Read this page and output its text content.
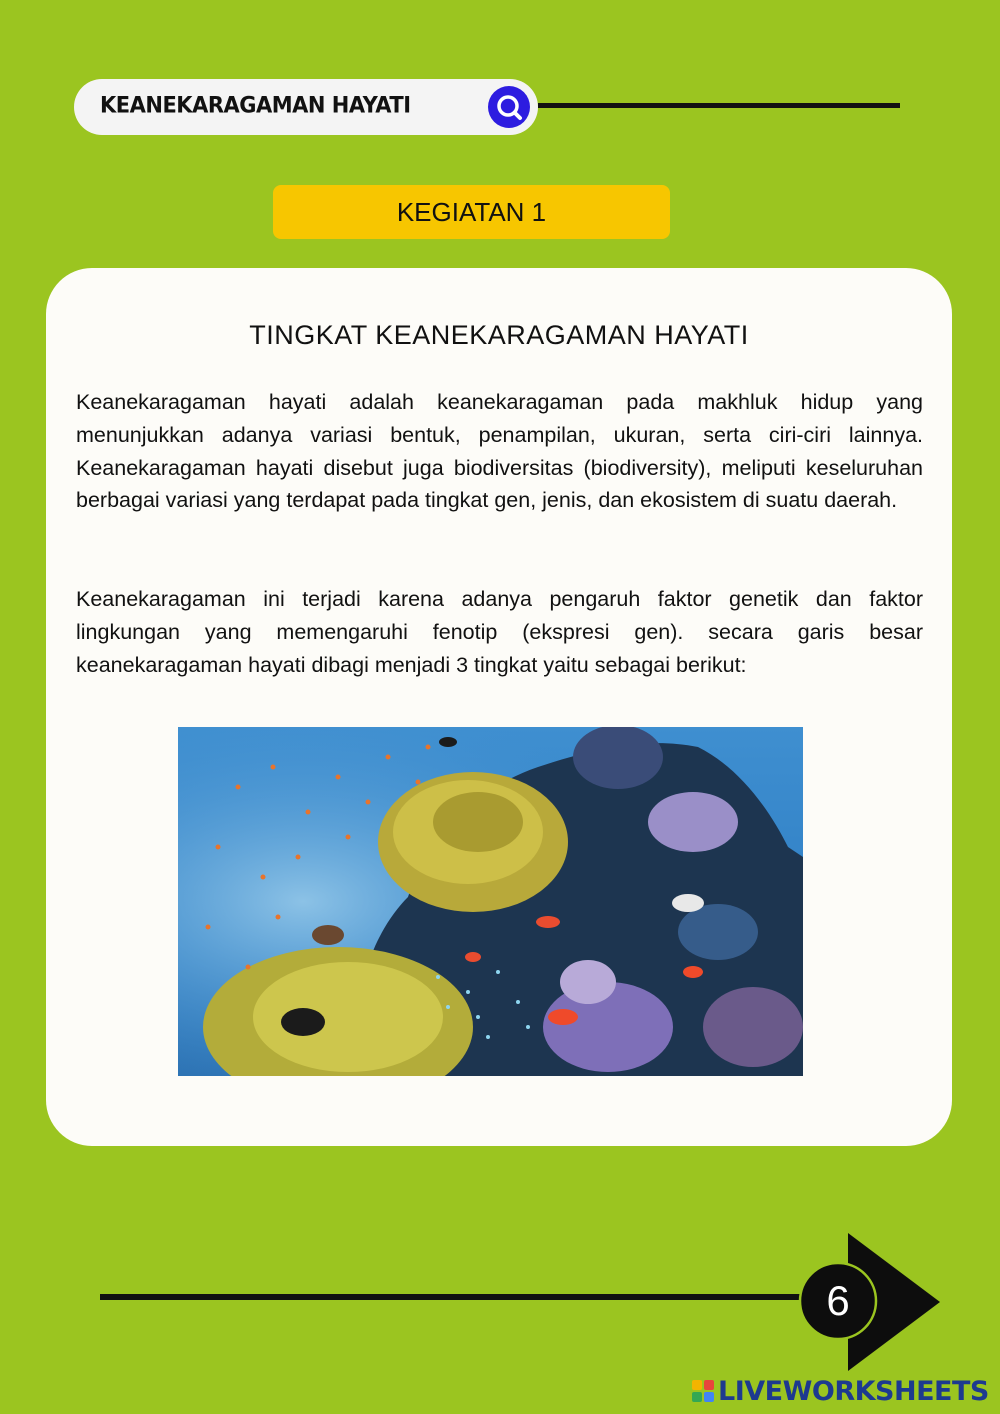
KEANEKARAGAMAN HAYATI
KEGIATAN 1
TINGKAT KEANEKARAGAMAN HAYATI

Keanekaragaman hayati adalah keanekaragaman pada makhluk hidup yang menunjukkan adanya variasi bentuk, penampilan, ukuran, serta ciri-ciri lainnya. Keanekaragaman hayati disebut juga biodiversitas (biodiversity), meliputi keseluruhan berbagai variasi yang terdapat pada tingkat gen, jenis, dan ekosistem di suatu daerah.

Keanekaragaman ini terjadi karena adanya pengaruh faktor genetik dan faktor lingkungan yang memengaruhi fenotip (ekspresi gen). secara garis besar keanekaragaman hayati dibagi menjadi 3 tingkat yaitu sebagai berikut:

6
LIVEWORKSHEETS
